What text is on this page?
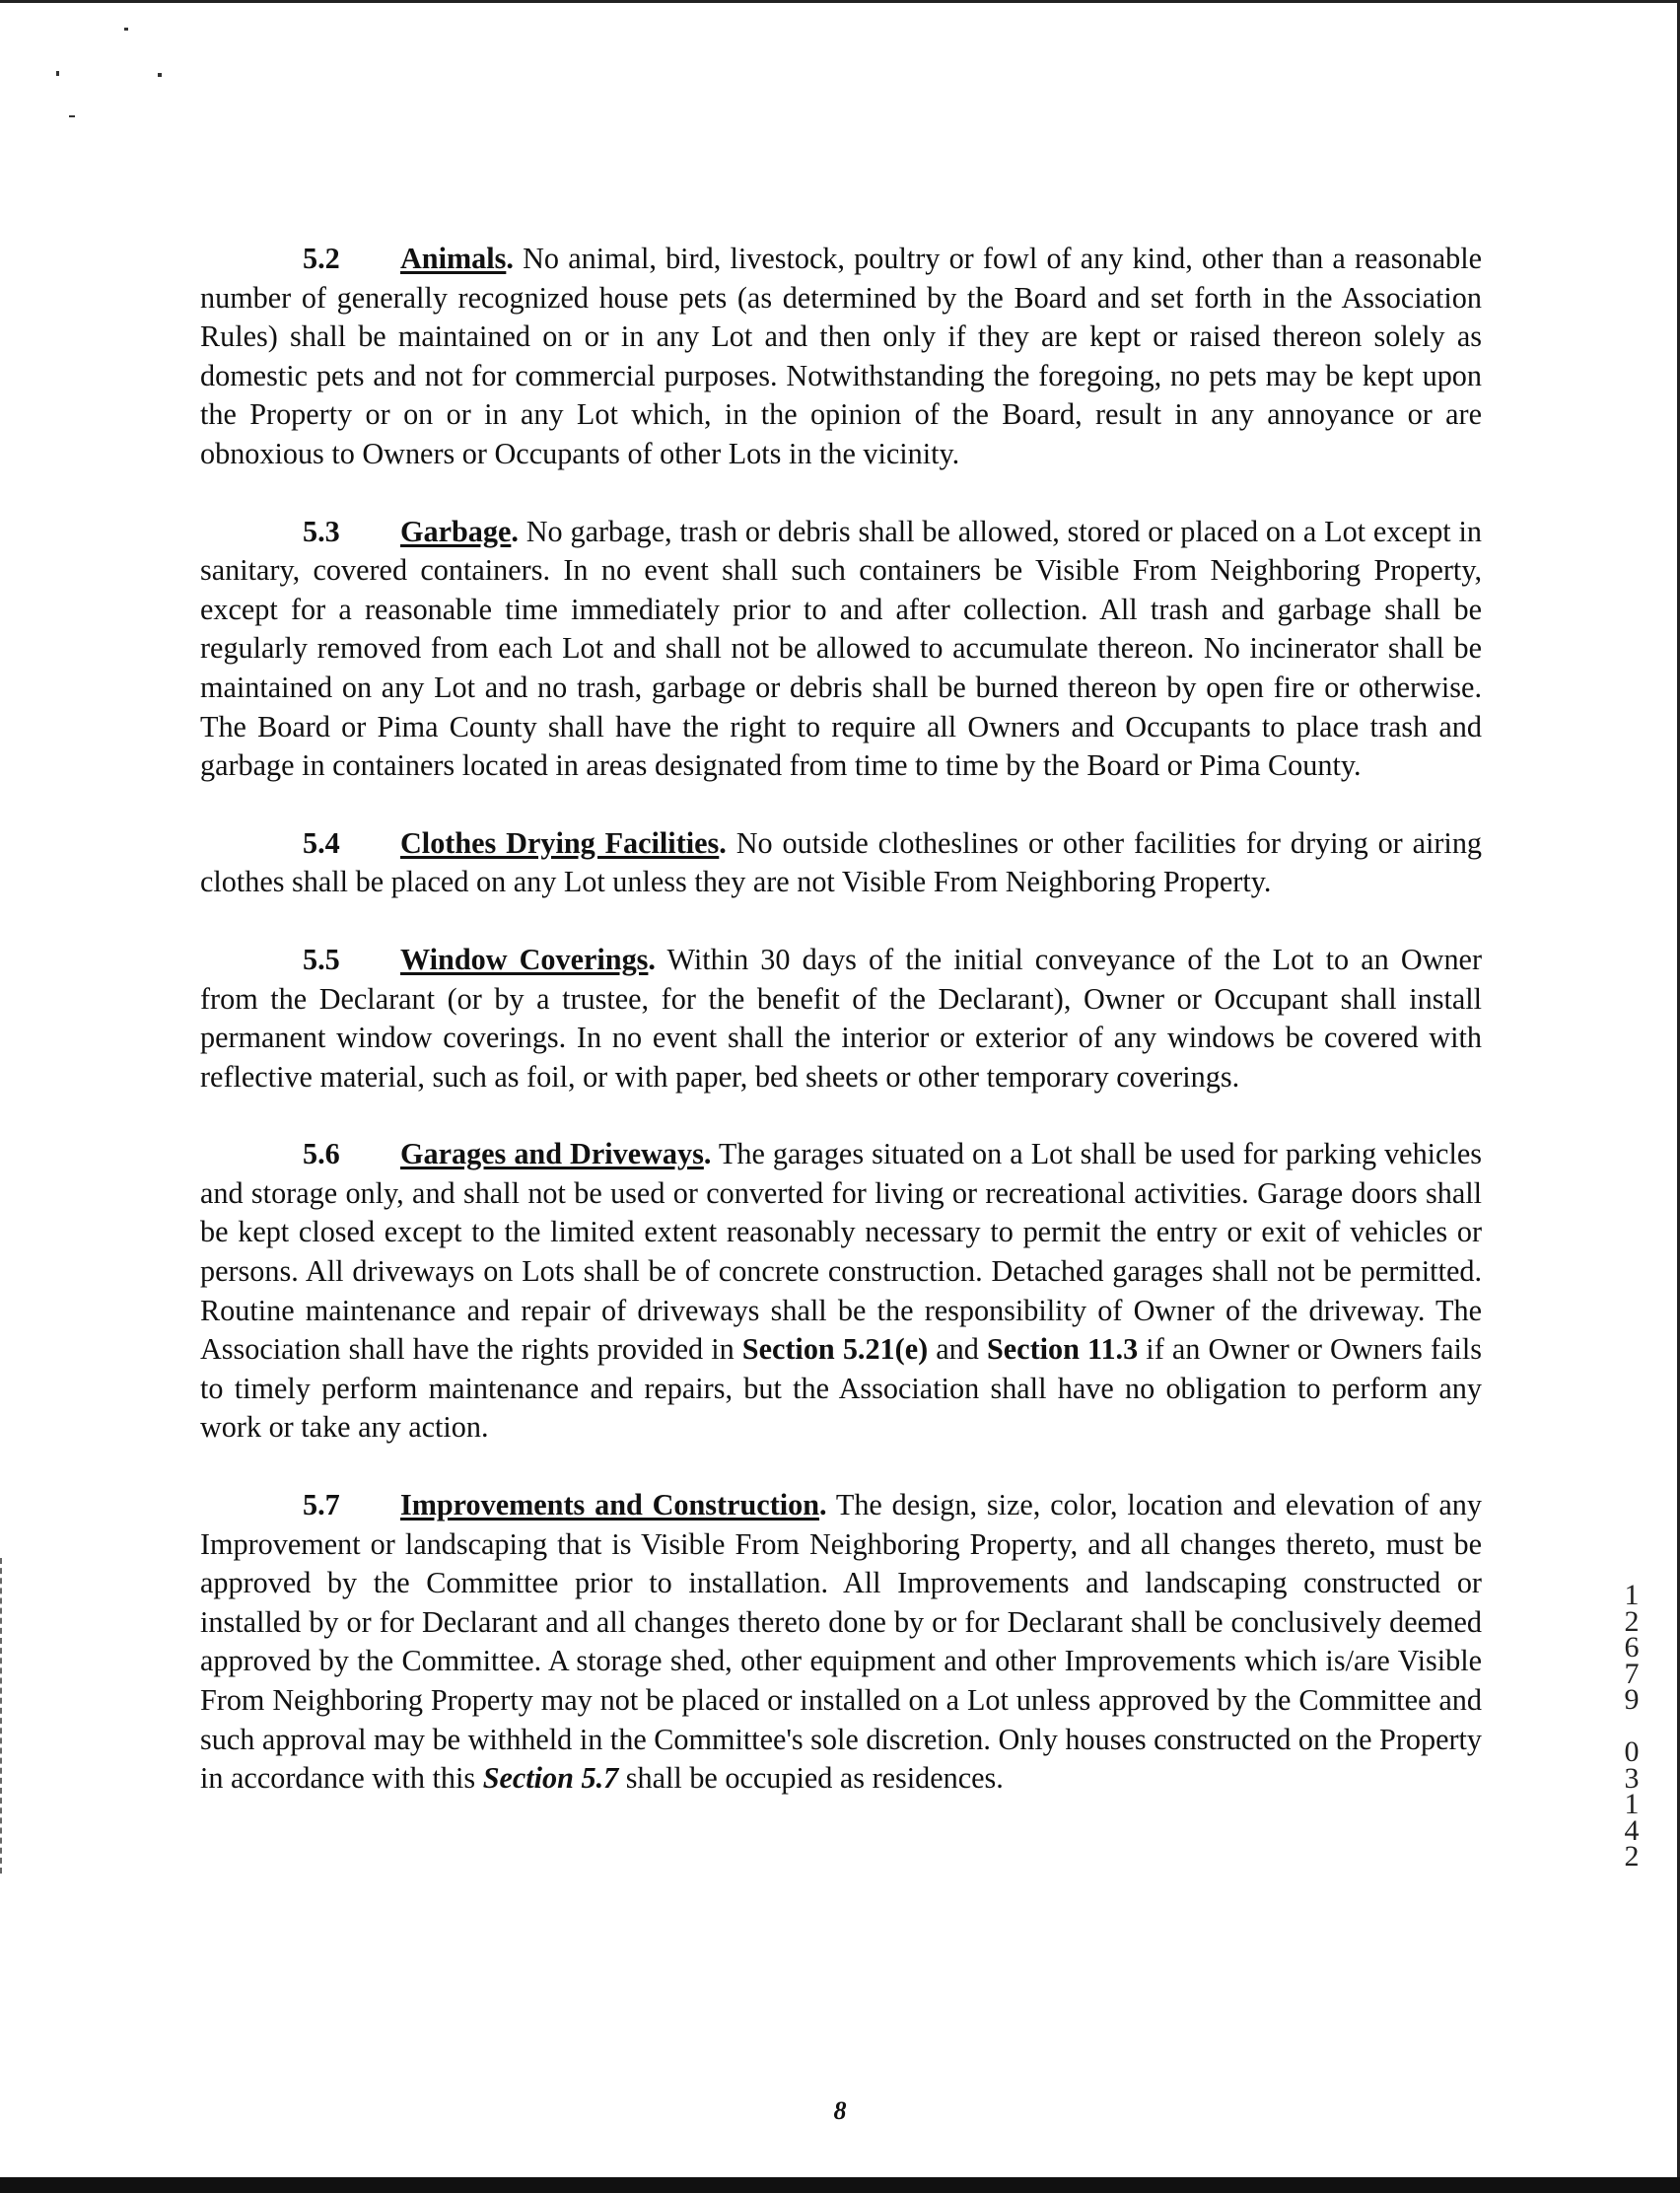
5.2 Animals. No animal, bird, livestock, poultry or fowl of any kind, other than a reasonable number of generally recognized house pets (as determined by the Board and set forth in the Association Rules) shall be maintained on or in any Lot and then only if they are kept or raised thereon solely as domestic pets and not for commercial purposes. Notwithstanding the foregoing, no pets may be kept upon the Property or on or in any Lot which, in the opinion of the Board, result in any annoyance or are obnoxious to Owners or Occupants of other Lots in the vicinity.

5.3 Garbage. No garbage, trash or debris shall be allowed, stored or placed on a Lot except in sanitary, covered containers. In no event shall such containers be Visible From Neighboring Property, except for a reasonable time immediately prior to and after collection. All trash and garbage shall be regularly removed from each Lot and shall not be allowed to accumulate thereon. No incinerator shall be maintained on any Lot and no trash, garbage or debris shall be burned thereon by open fire or otherwise. The Board or Pima County shall have the right to require all Owners and Occupants to place trash and garbage in containers located in areas designated from time to time by the Board or Pima County.

5.4 Clothes Drying Facilities. No outside clotheslines or other facilities for drying or airing clothes shall be placed on any Lot unless they are not Visible From Neighboring Property.

5.5 Window Coverings. Within 30 days of the initial conveyance of the Lot to an Owner from the Declarant (or by a trustee, for the benefit of the Declarant), Owner or Occupant shall install permanent window coverings. In no event shall the interior or exterior of any windows be covered with reflective material, such as foil, or with paper, bed sheets or other temporary coverings.

5.6 Garages and Driveways. The garages situated on a Lot shall be used for parking vehicles and storage only, and shall not be used or converted for living or recreational activities. Garage doors shall be kept closed except to the limited extent reasonably necessary to permit the entry or exit of vehicles or persons. All driveways on Lots shall be of concrete construction. Detached garages shall not be permitted. Routine maintenance and repair of driveways shall be the responsibility of Owner of the driveway. The Association shall have the rights provided in Section 5.21(e) and Section 11.3 if an Owner or Owners fails to timely perform maintenance and repairs, but the Association shall have no obligation to perform any work or take any action.

5.7 Improvements and Construction. The design, size, color, location and elevation of any Improvement or landscaping that is Visible From Neighboring Property, and all changes thereto, must be approved by the Committee prior to installation. All Improvements and landscaping constructed or installed by or for Declarant and all changes thereto done by or for Declarant shall be conclusively deemed approved by the Committee. A storage shed, other equipment and other Improvements which is/are Visible From Neighboring Property may not be placed or installed on a Lot unless approved by the Committee and such approval may be withheld in the Committee's sole discretion. Only houses constructed on the Property in accordance with this Section 5.7 shall be occupied as residences.

1
2
6
7
9

0
3
1
4
2
8
